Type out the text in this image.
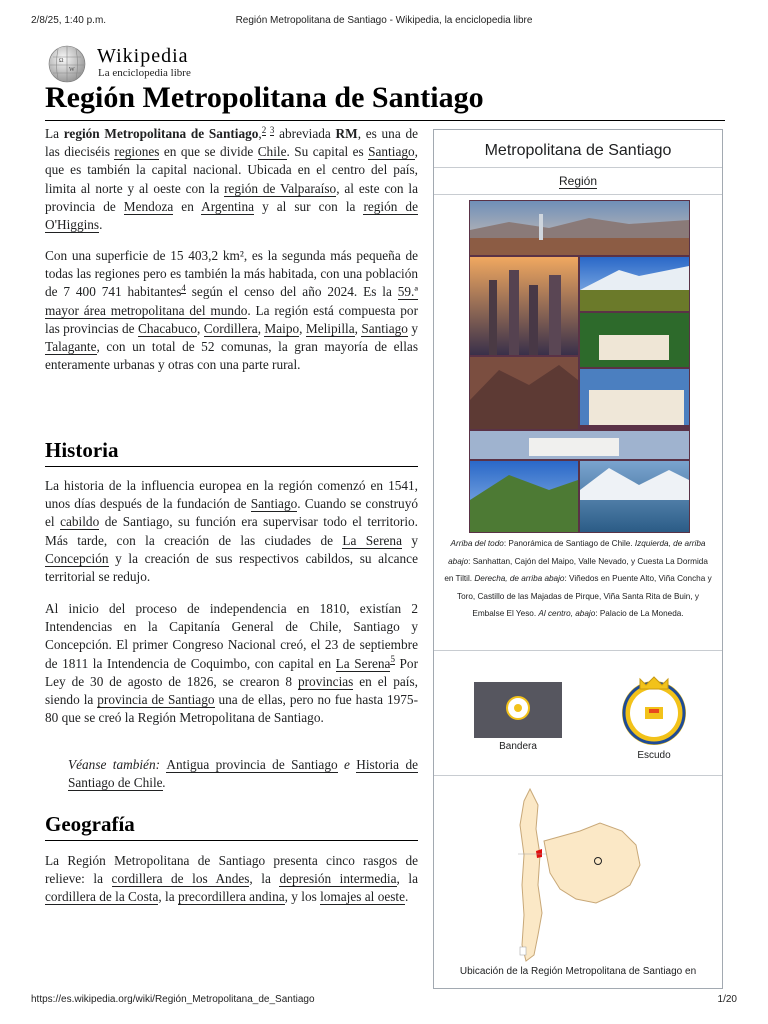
2/8/25, 1:40 p.m.	Región Metropolitana de Santiago - Wikipedia, la enciclopedia libre
Ω
W
Wikipedia
La enciclopedia libre
Región Metropolitana de Santiago

La región Metropolitana de Santiago,$^{2 3}$ abreviada RM, es una de las dieciséis regiones en que se divide Chile. Su capital es Santiago, que es también la capital nacional. Ubicada en el centro del país, limita al norte y al oeste con la región de Valparaíso, al este con la provincia de Mendoza en Argentina y al sur con la región de O'Higgins.

Con una superficie de 15 403,2 km², es la segunda más pequeña de todas las regiones pero es también la más habitada, con una población de 7 400 741 habitantes$^4$ según el censo del año 2024. Es la 59.ª mayor área metropolitana del mundo. La región está compuesta por las provincias de Chacabuco, Cordillera, Maipo, Melipilla, Santiago y Talagante, con un total de 52 comunas, la gran mayoría de ellas enteramente urbanas y otras con una parte rural.

Historia

La historia de la influencia europea en la región comenzó en 1541, unos días después de la fundación de Santiago. Cuando se construyó el cabildo de Santiago, su función era supervisar todo el territorio. Más tarde, con la creación de las ciudades de La Serena y Concepción y la creación de sus respectivos cabildos, su alcance territorial se redujo.

Al inicio del proceso de independencia en 1810, existían 2 Intendencias en la Capitanía General de Chile, Santiago y Concepción. El primer Congreso Nacional creó, el 23 de septiembre de 1811 la Intendencia de Coquimbo, con capital en La Serena$^5$ Por Ley de 30 de agosto de 1826, se crearon 8 provincias en el país, siendo la provincia de Santiago una de ellas, pero no fue hasta 1975-80 que se creó la Región Metropolitana de Santiago.

Véanse también: Antigua provincia de Santiago e Historia de Santiago de Chile.

Geografía

La Región Metropolitana de Santiago presenta cinco rasgos de relieve: la cordillera de los Andes, la depresión intermedia, la cordillera de la Costa, la precordillera andina, y los lomajes al oeste.

Metropolitana de Santiago
Región
Arriba del todo: Panorámica de Santiago de Chile. Izquierda, de arriba abajo: Sanhattan, Cajón del Maipo, Valle Nevado, y Cuesta La Dormida en Tiltil. Derecha, de arriba abajo: Viñedos en Puente Alto, Viña Concha y Toro, Castillo de las Majadas de Pirque, Viña Santa Rita de Buin, y Embalse El Yeso. Al centro, abajo: Palacio de La Moneda.
Bandera
Escudo
Ubicación de la Región Metropolitana de Santiago en
https://es.wikipedia.org/wiki/Región_Metropolitana_de_Santiago	1/20
